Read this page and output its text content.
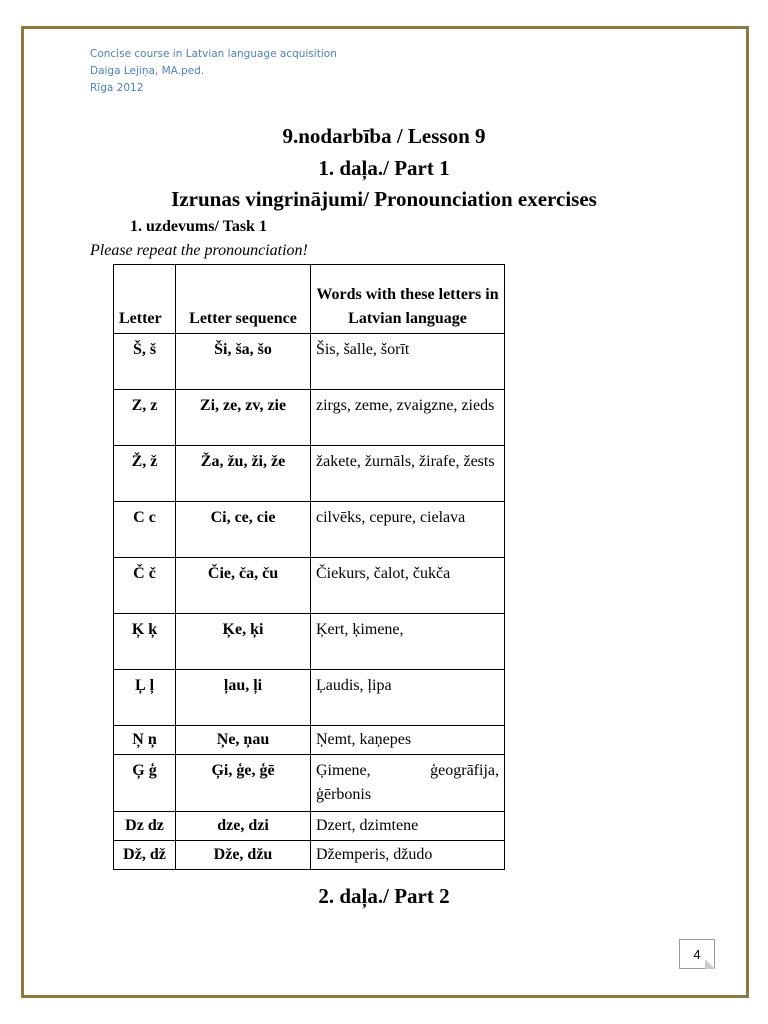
Concise course in Latvian language acquisition
Daiga Lejiņa, MA.ped.
Rīga 2012
9.nodarbība / Lesson 9
1. daļa./ Part 1
Izrunas vingrinājumi/ Pronounciation exercises
1. uzdevums/ Task 1
Please repeat the pronounciation!
Letter	Letter sequence	Words with these letters in Latvian language
Š, š	Ši, ša, šo	Šis, šalle, šorīt
Z, z	Zi, ze, zv, zie	zirgs, zeme, zvaigzne, zieds
Ž, ž	Ža, žu, ži, že	žakete, žurnāls, žirafe, žests
C c	Ci, ce, cie	cilvēks, cepure, cielava
Č č	Čie, ča, ču	Čiekurs, čalot, čukča
Ķ ķ	Ķe, ķi	Ķert, ķimene,
Ļ ļ	ļau, ļi	Ļaudis, ļipa
Ņ ņ	Ņe, ņau	Ņemt, kaņepes
Ģ ģ	Ģi, ģe, ģē	Ģimene, ģeogrāfija, ģērbonis
Dz dz	dze, dzi	Dzert, dzimtene
Dž, dž	Dže, džu	Džemperis, džudo
2. daļa./ Part 2
4
